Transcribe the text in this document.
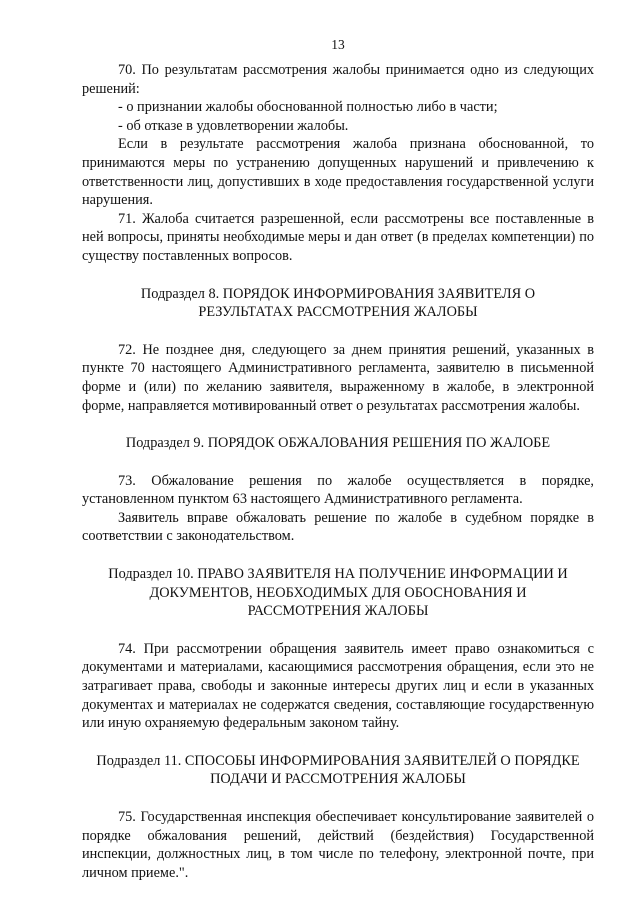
13

70. По результатам рассмотрения жалобы принимается одно из следующих решений:

- о признании жалобы обоснованной полностью либо в части;

- об отказе в удовлетворении жалобы.

Если в результате рассмотрения жалоба признана обоснованной, то принимаются меры по устранению допущенных нарушений и привлечению к ответственности лиц, допустивших в ходе предоставления государственной услуги нарушения.

71. Жалоба считается разрешенной, если рассмотрены все поставленные в ней вопросы, приняты необходимые меры и дан ответ (в пределах компетенции) по существу поставленных вопросов.

Подраздел 8. ПОРЯДОК ИНФОРМИРОВАНИЯ ЗАЯВИТЕЛЯ О
РЕЗУЛЬТАТАХ РАССМОТРЕНИЯ ЖАЛОБЫ

72. Не позднее дня, следующего за днем принятия решений, указанных в пункте 70 настоящего Административного регламента, заявителю в письменной форме и (или) по желанию заявителя, выраженному в жалобе, в электронной форме, направляется мотивированный ответ о результатах рассмотрения жалобы.

Подраздел 9. ПОРЯДОК ОБЖАЛОВАНИЯ РЕШЕНИЯ ПО ЖАЛОБЕ

73. Обжалование решения по жалобе осуществляется в порядке, установленном пунктом 63 настоящего Административного регламента.

Заявитель вправе обжаловать решение по жалобе в судебном порядке в соответствии с законодательством.

Подраздел 10. ПРАВО ЗАЯВИТЕЛЯ НА ПОЛУЧЕНИЕ ИНФОРМАЦИИ И
ДОКУМЕНТОВ, НЕОБХОДИМЫХ ДЛЯ ОБОСНОВАНИЯ И
РАССМОТРЕНИЯ ЖАЛОБЫ

74. При рассмотрении обращения заявитель имеет право ознакомиться с документами и материалами, касающимися рассмотрения обращения, если это не затрагивает права, свободы и законные интересы других лиц и если в указанных документах и материалах не содержатся сведения, составляющие государственную или иную охраняемую федеральным законом тайну.

Подраздел 11. СПОСОБЫ ИНФОРМИРОВАНИЯ ЗАЯВИТЕЛЕЙ О ПОРЯДКЕ
ПОДАЧИ И РАССМОТРЕНИЯ ЖАЛОБЫ

75. Государственная инспекция обеспечивает консультирование заявителей о порядке обжалования решений, действий (бездействия) Государственной инспекции, должностных лиц, в том числе по телефону, электронной почте, при личном приеме.".
